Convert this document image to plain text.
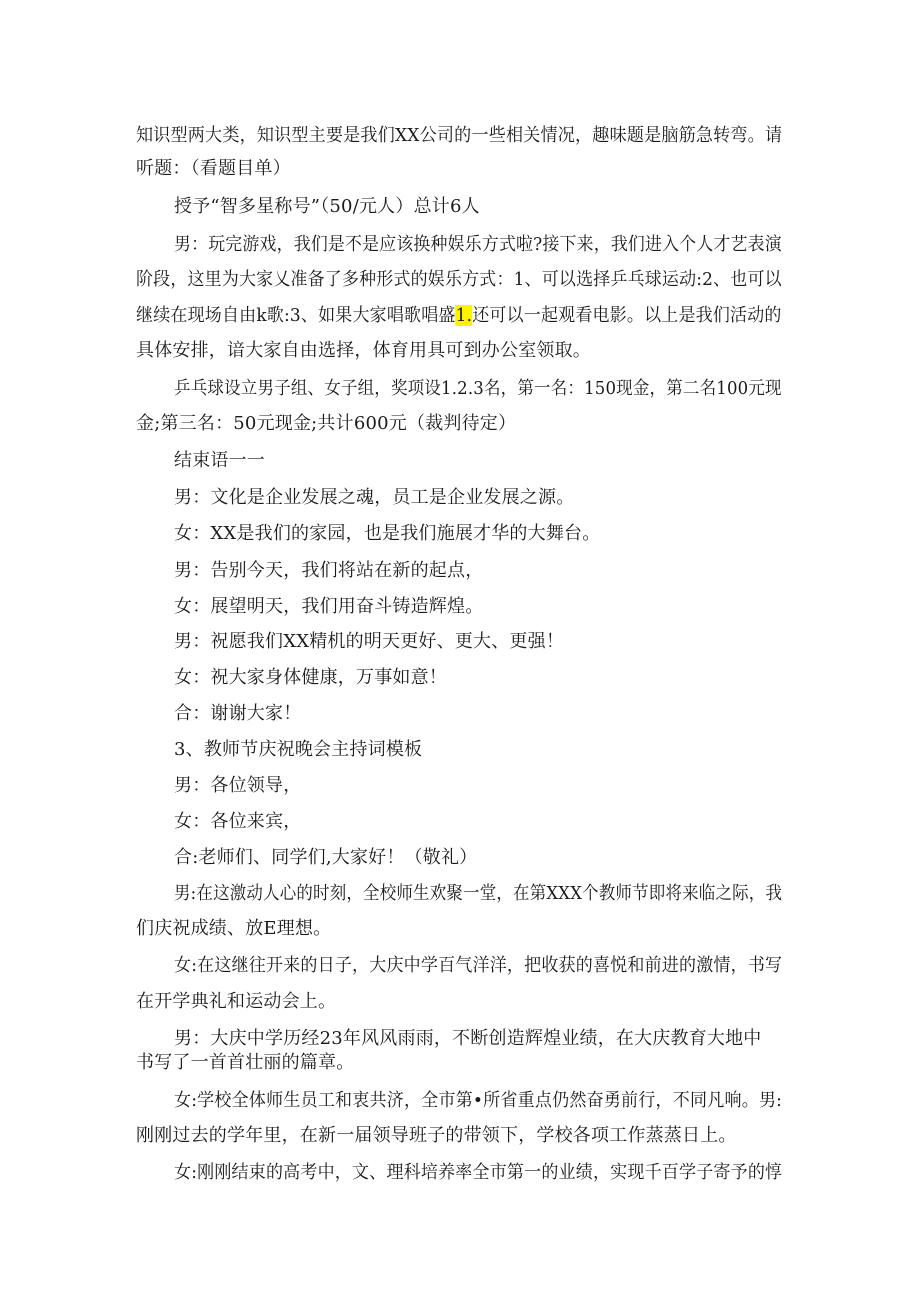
知识型两大类，知识型主要是我们XX公司的一些相关情况，趣味题是脑筋急转弯。请
听题：（看题目单）
授予“智多星称号”（50/元人）总计6人
男：玩完游戏，我们是不是应该换种娱乐方式啦?接下来，我们进入个人才艺表演
阶段，这里为大家乂准备了多种形式的娱乐方式：1、可以选择乒乓球运动:2、也可以
继续在现场自由k歌:3、如果大家唱歌唱盛1.还可以一起观看电影。以上是我们活动的
具体安排，谙大家自由选择，体育用具可到办公室领取。
乒乓球设立男子组、女子组，奖项设1.2.3名，第一名：150现金，第二名100元现
金;第三名：50元现金;共计600元（裁判待定）
结束语一一
男：文化是企业发展之魂，员工是企业发展之源。
女：XX是我们的家园，也是我们施展才华的大舞台。
男：告别今天，我们将站在新的起点，
女：展望明天，我们用奋斗铸造辉煌。
男：祝愿我们XX精机的明天更好、更大、更强！
女：祝大家身体健康，万事如意！
合：谢谢大家！
3、教师节庆祝晚会主持词模板
男：各位领导，
女：各位来宾，
合:老师们、同学们,大家好！（敬礼）
男:在这激动人心的时刻，全校师生欢聚一堂，在第XXX个教师节即将来临之际，我
们庆祝成绩、放E理想。
女:在这继往开来的日子，大庆中学百气洋洋，把收获的喜悦和前进的激情，书写
在开学典礼和运动会上。
男：大庆中学历经23年风风雨雨，不断创造辉煌业绩，在大庆教育大地中
书写了一首首壮丽的篇章。
女:学校全体师生员工和衷共济，全市第•所省重点仍然奋勇前行，不同凡响。男:
刚刚过去的学年里，在新一届领导班子的带领下，学校各项工作蒸蒸日上。
女:刚刚结束的高考中，文、理科培养率全市第一的业绩，实现千百学子寄予的惇
